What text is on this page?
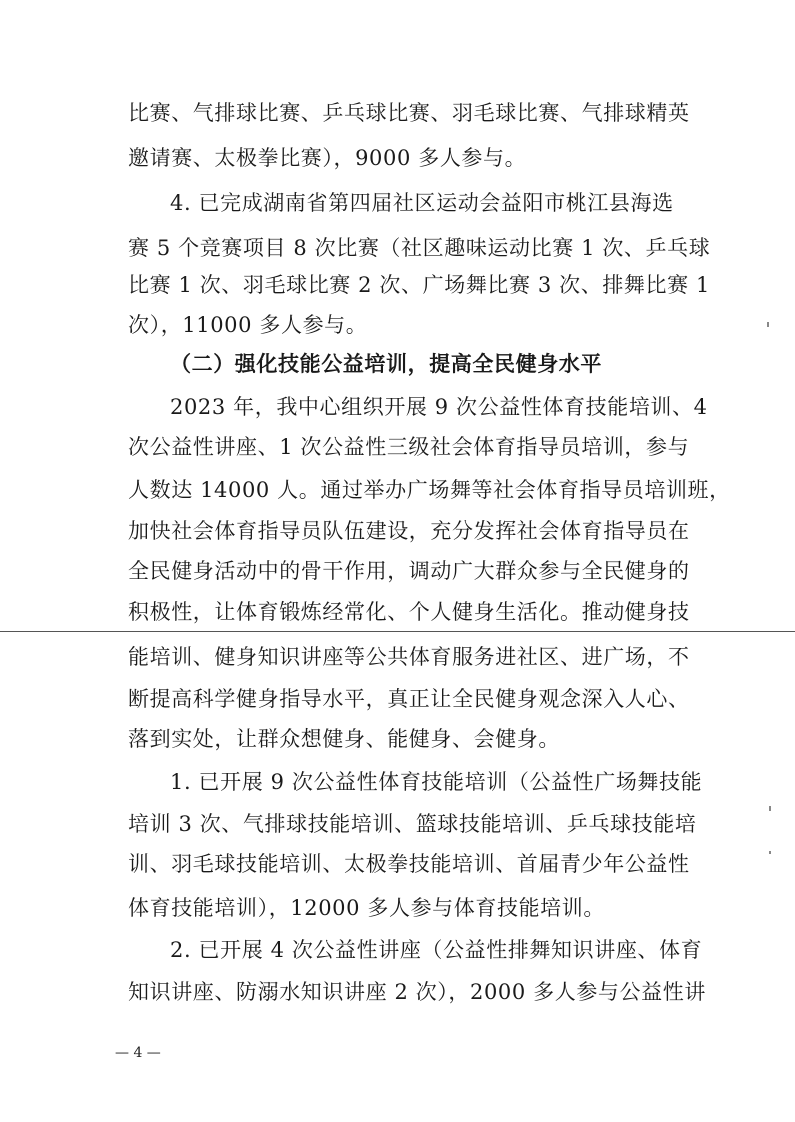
比赛、气排球比赛、乒乓球比赛、羽毛球比赛、气排球精英
邀请赛、太极拳比赛），9000 多人参与。
4. 已完成湖南省第四届社区运动会益阳市桃江县海选
赛 5 个竞赛项目 8 次比赛（社区趣味运动比赛 1 次、乒乓球
比赛 1 次、羽毛球比赛 2 次、广场舞比赛 3 次、排舞比赛 1
次），11000 多人参与。
（二）强化技能公益培训，提高全民健身水平
2023 年，我中心组织开展 9 次公益性体育技能培训、4
次公益性讲座、1 次公益性三级社会体育指导员培训，参与
人数达 14000 人。通过举办广场舞等社会体育指导员培训班，
加快社会体育指导员队伍建设，充分发挥社会体育指导员在
全民健身活动中的骨干作用，调动广大群众参与全民健身的
积极性，让体育锻炼经常化、个人健身生活化。推动健身技
能培训、健身知识讲座等公共体育服务进社区、进广场，不
断提高科学健身指导水平，真正让全民健身观念深入人心、
落到实处，让群众想健身、能健身、会健身。
1. 已开展 9 次公益性体育技能培训（公益性广场舞技能
培训 3 次、气排球技能培训、篮球技能培训、乒乓球技能培
训、羽毛球技能培训、太极拳技能培训、首届青少年公益性
体育技能培训），12000 多人参与体育技能培训。
2. 已开展 4 次公益性讲座（公益性排舞知识讲座、体育
知识讲座、防溺水知识讲座 2 次），2000 多人参与公益性讲
— 4 —
